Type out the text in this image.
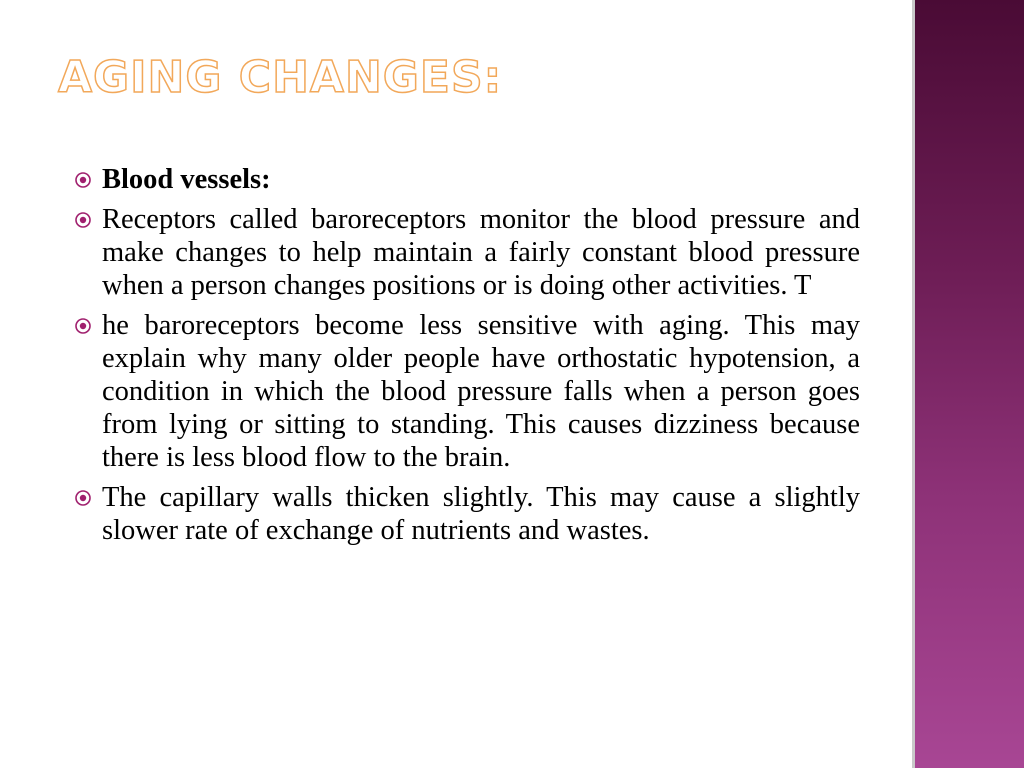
AGING CHANGES:
Blood vessels:
Receptors called baroreceptors monitor the blood pressure and make changes to help maintain a fairly constant blood pressure when a person changes positions or is doing other activities. T
he baroreceptors become less sensitive with aging. This may explain why many older people have orthostatic hypotension, a condition in which the blood pressure falls when a person goes from lying or sitting to standing. This causes dizziness because there is less blood flow to the brain.
The capillary walls thicken slightly. This may cause a slightly slower rate of exchange of nutrients and wastes.
